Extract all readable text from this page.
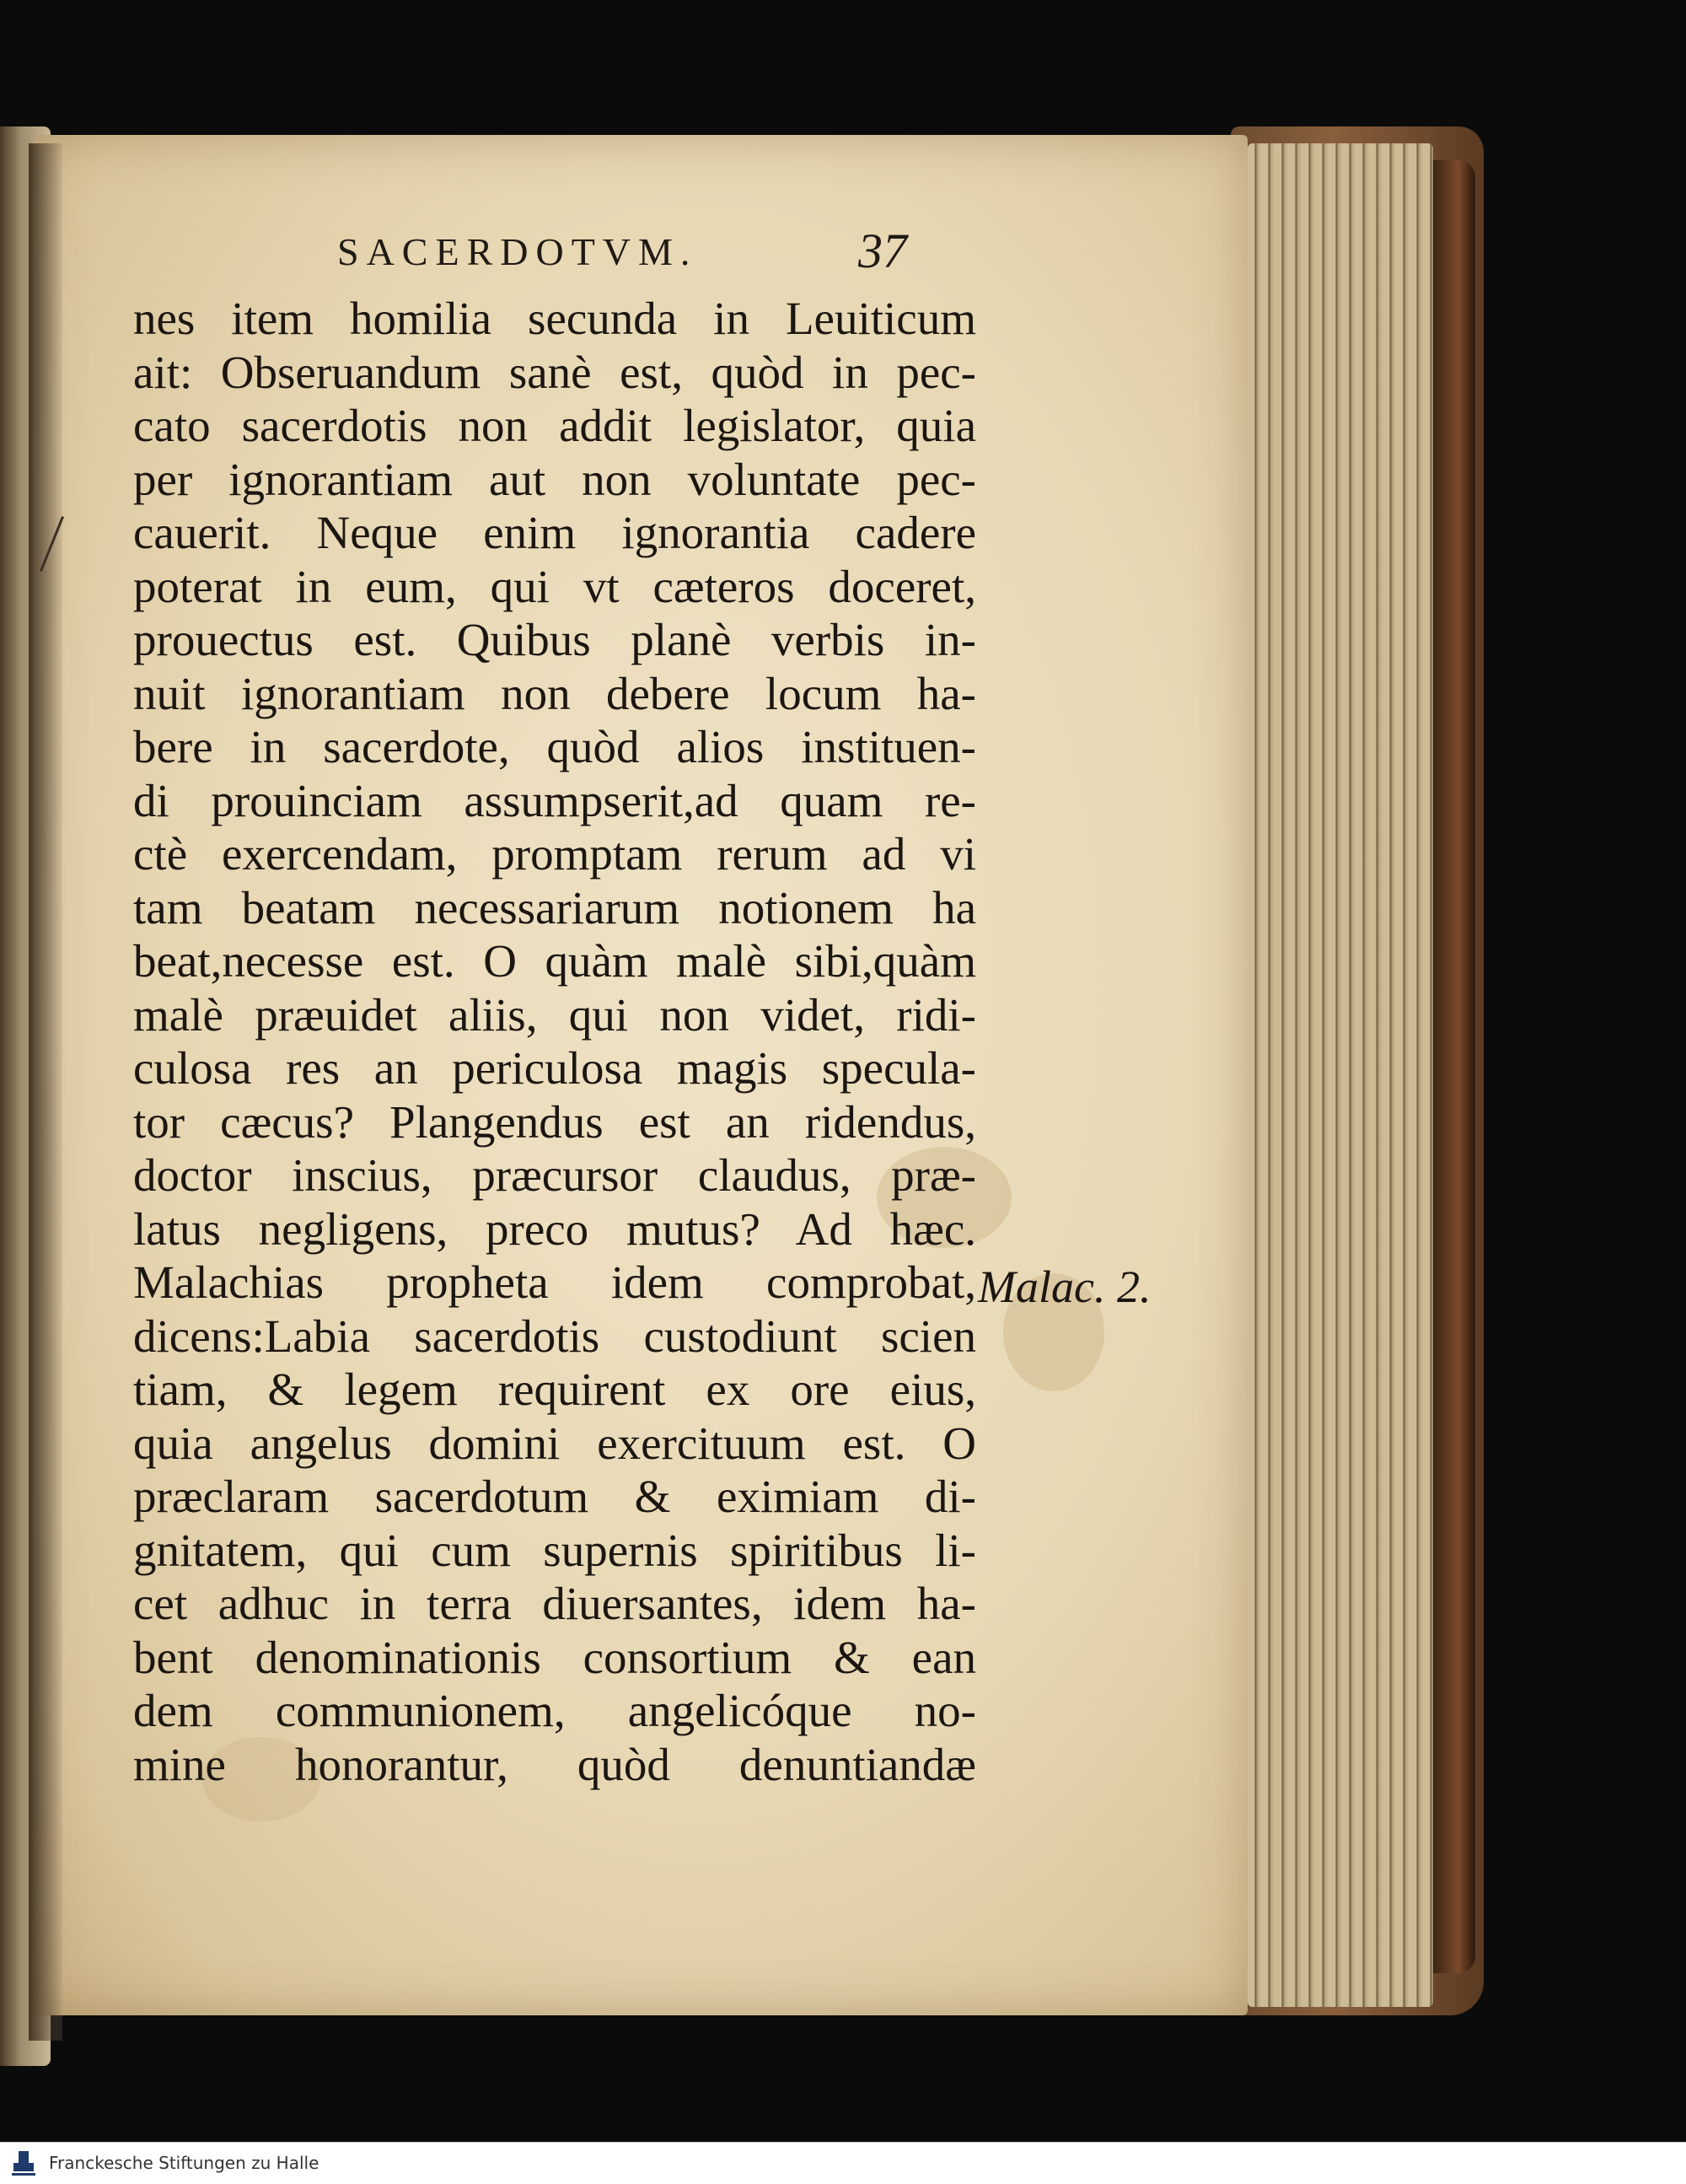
SACERDOTVM.	37
nes item homilia secunda in Leuiticum
ait: Obseruandum sanè est, quòd in pec-
cato sacerdotis non addit legislator, quia
per ignorantiam aut non voluntate pec-
cauerit. Neque enim ignorantia cadere
poterat in eum, qui vt cæteros doceret,
prouectus est. Quibus planè verbis in-
nuit ignorantiam non debere locum ha-
bere in sacerdote, quòd alios instituen-
di prouinciam assumpserit,ad quam re-
ctè exercendam, promptam rerum ad vi
tam beatam necessariarum notionem ha
beat,necesse est. O quàm malè sibi,quàm
malè præuidet aliis, qui non videt, ridi-
culosa res an periculosa magis specula-
tor cæcus? Plangendus est an ridendus,
doctor inscius, præcursor claudus, præ-
latus negligens, preco mutus? Ad hæc.
Malachias propheta idem comprobat,
dicens:Labia sacerdotis custodiunt scien
tiam, & legem requirent ex ore eius,
quia angelus domini exercituum est. O
præclaram sacerdotum & eximiam di-
gnitatem, qui cum supernis spiritibus li-
cet adhuc in terra diuersantes, idem ha-
bent denominationis consortium & ean
dem communionem, angelicóque no-
mine honorantur, quòd denuntiandæ
Malac. 2.
Franckesche Stiftungen zu Halle
